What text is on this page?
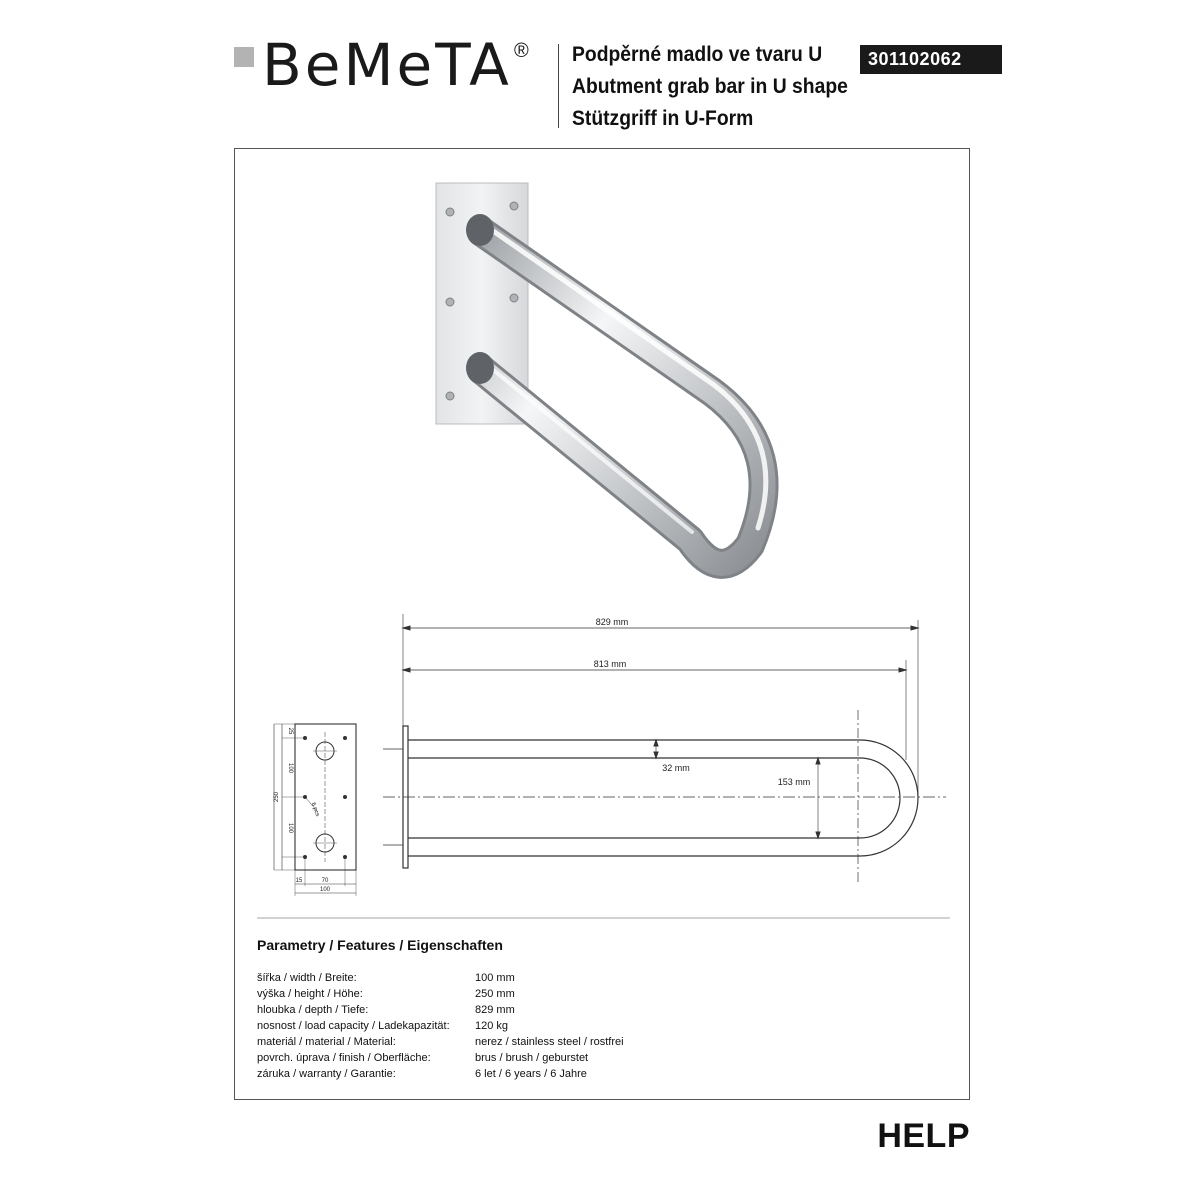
BeMeTA ® Podpěrné madlo ve tvaru U
Abutment grab bar in U shape
Stützgriff in U-Form
301102062
829 mm
813 mm
32 mm
153 mm
25
100
250
100
6 pcs
15	70
100
Parametry / Features / Eigenschaften
šířka / width / Breite:	100 mm
výška / height / Höhe:	250 mm
hloubka / depth / Tiefe:	829 mm
nosnost / load capacity / Ladekapazität: 120 kg
materiál / material / Material:	nerez / stainless steel / rostfrei
povrch. úprava / finish / Oberfläche:	brus / brush / geburstet
záruka / warranty / Garantie:	6 let / 6 years / 6 Jahre
HELP
